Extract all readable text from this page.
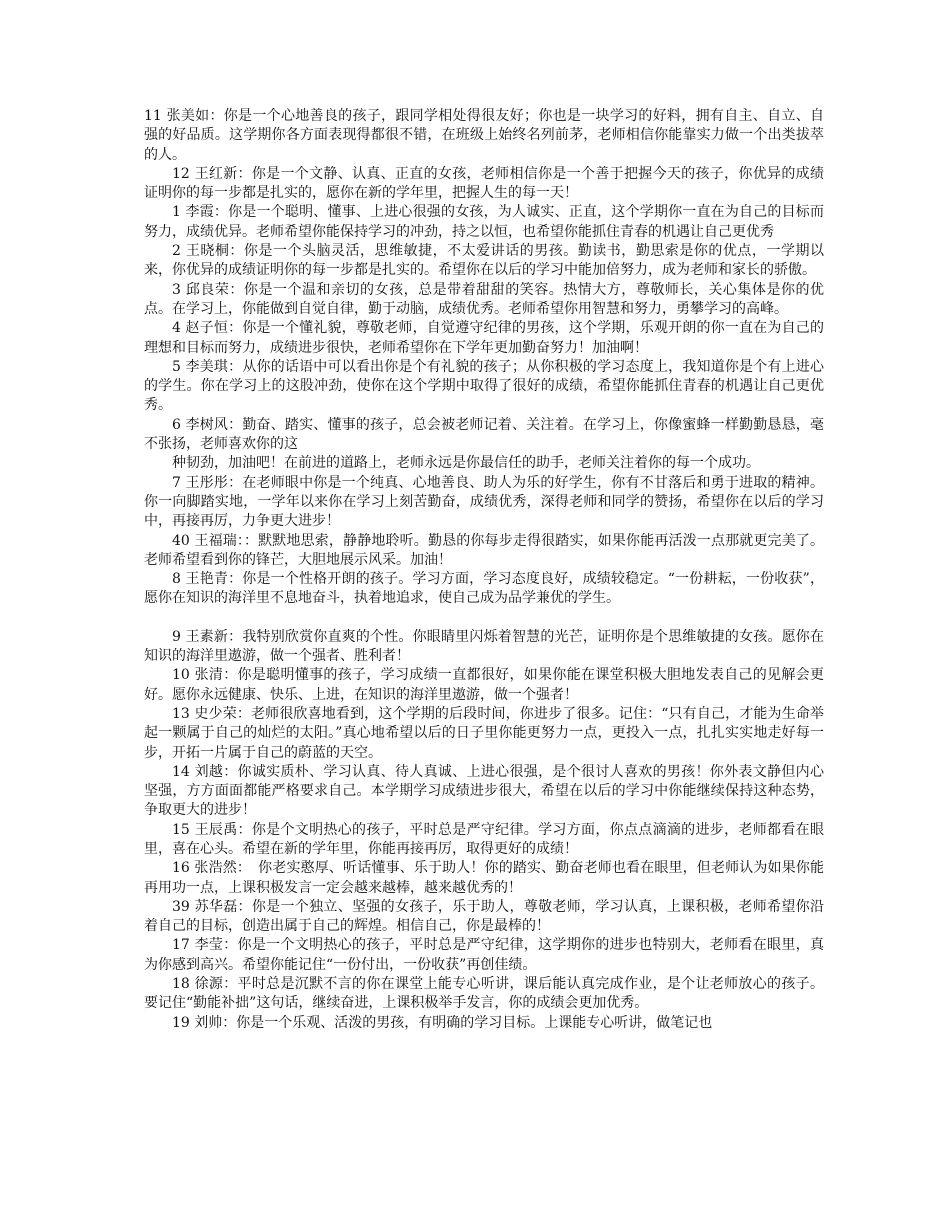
11 张美如：你是一个心地善良的孩子，跟同学相处得很友好；你也是一块学习的好料，拥有自主、自立、自强的好品质。这学期你各方面表现得都很不错，在班级上始终名列前茅，老师相信你能靠实力做一个出类拔萃的人。

12 王红新：你是一个文静、认真、正直的女孩，老师相信你是一个善于把握今天的孩子，你优异的成绩证明你的每一步都是扎实的，愿你在新的学年里，把握人生的每一天！

1 李霞：你是一个聪明、懂事、上进心很强的女孩，为人诚实、正直，这个学期你一直在为自己的目标而努力，成绩优异。老师希望你能保持学习的冲劲，持之以恒，也希望你能抓住青春的机遇让自己更优秀

2 王晓桐：你是一个头脑灵活，思维敏捷，不太爱讲话的男孩。勤读书，勤思索是你的优点，一学期以来，你优异的成绩证明你的每一步都是扎实的。希望你在以后的学习中能加倍努力，成为老师和家长的骄傲。

3 邱良荣：你是一个温和亲切的女孩，总是带着甜甜的笑容。热情大方，尊敬师长，关心集体是你的优点。在学习上，你能做到自觉自律，勤于动脑，成绩优秀。老师希望你用智慧和努力，勇攀学习的高峰。

4 赵子恒：你是一个懂礼貌，尊敬老师，自觉遵守纪律的男孩，这个学期，乐观开朗的你一直在为自己的理想和目标而努力，成绩进步很快，老师希望你在下学年更加勤奋努力！加油啊！

5 李美琪：从你的话语中可以看出你是个有礼貌的孩子；从你积极的学习态度上，我知道你是个有上进心的学生。你在学习上的这股冲劲，使你在这个学期中取得了很好的成绩，希望你能抓住青春的机遇让自己更优秀。

6 李树风：勤奋、踏实、懂事的孩子，总会被老师记着、关注着。在学习上，你像蜜蜂一样勤勤恳恳，毫不张扬，老师喜欢你的这

种韧劲，加油吧！在前进的道路上，老师永远是你最信任的助手，老师关注着你的每一个成功。

7 王彤彤：在老师眼中你是一个纯真、心地善良、助人为乐的好学生，你有不甘落后和勇于进取的精神。你一向脚踏实地，一学年以来你在学习上刻苦勤奋，成绩优秀，深得老师和同学的赞扬，希望你在以后的学习中，再接再厉，力争更大进步！

40 王福瑞：：默默地思索，静静地聆听。勤恳的你每步走得很踏实，如果你能再活泼一点那就更完美了。老师希望看到你的锋芒，大胆地展示风采。加油！

8 王艳青：你是一个性格开朗的孩子。学习方面，学习态度良好，成绩较稳定。“一份耕耘，一份收获”，愿你在知识的海洋里不息地奋斗，执着地追求，使自己成为品学兼优的学生。

9 王素新：我特别欣赏你直爽的个性。你眼睛里闪烁着智慧的光芒，证明你是个思维敏捷的女孩。愿你在知识的海洋里遨游，做一个强者、胜利者！

10 张清：你是聪明懂事的孩子，学习成绩一直都很好，如果你能在课堂积极大胆地发表自己的见解会更好。愿你永远健康、快乐、上进，在知识的海洋里遨游，做一个强者！

13 史少荣：老师很欣喜地看到，这个学期的后段时间，你进步了很多。记住：“只有自己，才能为生命举起一颗属于自己的灿烂的太阳。”真心地希望以后的日子里你能更努力一点，更投入一点，扎扎实实地走好每一步，开拓一片属于自己的蔚蓝的天空。

14 刘越：你诚实质朴、学习认真、待人真诚、上进心很强，是个很讨人喜欢的男孩！你外表文静但内心坚强，方方面面都能严格要求自己。本学期学习成绩进步很大，希望在以后的学习中你能继续保持这种态势，争取更大的进步！

15 王辰禹：你是个文明热心的孩子，平时总是严守纪律。学习方面，你点点滴滴的进步，老师都看在眼里，喜在心头。希望在新的学年里，你能再接再厉，取得更好的成绩！

16 张浩然：　你老实憨厚、听话懂事、乐于助人！你的踏实、勤奋老师也看在眼里，但老师认为如果你能再用功一点，上课积极发言一定会越来越棒，越来越优秀的！

39 苏华磊：你是一个独立、坚强的女孩子，乐于助人，尊敬老师，学习认真，上课积极，老师希望你沿着自己的目标，创造出属于自己的辉煌。相信自己，你是最棒的！

17 李莹：你是一个文明热心的孩子，平时总是严守纪律，这学期你的进步也特别大，老师看在眼里，真为你感到高兴。希望你能记住“一份付出，一份收获”再创佳绩。

18 徐源：平时总是沉默不言的你在课堂上能专心听讲，课后能认真完成作业，是个让老师放心的孩子。要记住“勤能补拙”这句话，继续奋进，上课积极举手发言，你的成绩会更加优秀。

19 刘帅：你是一个乐观、活泼的男孩，有明确的学习目标。上课能专心听讲，做笔记也
